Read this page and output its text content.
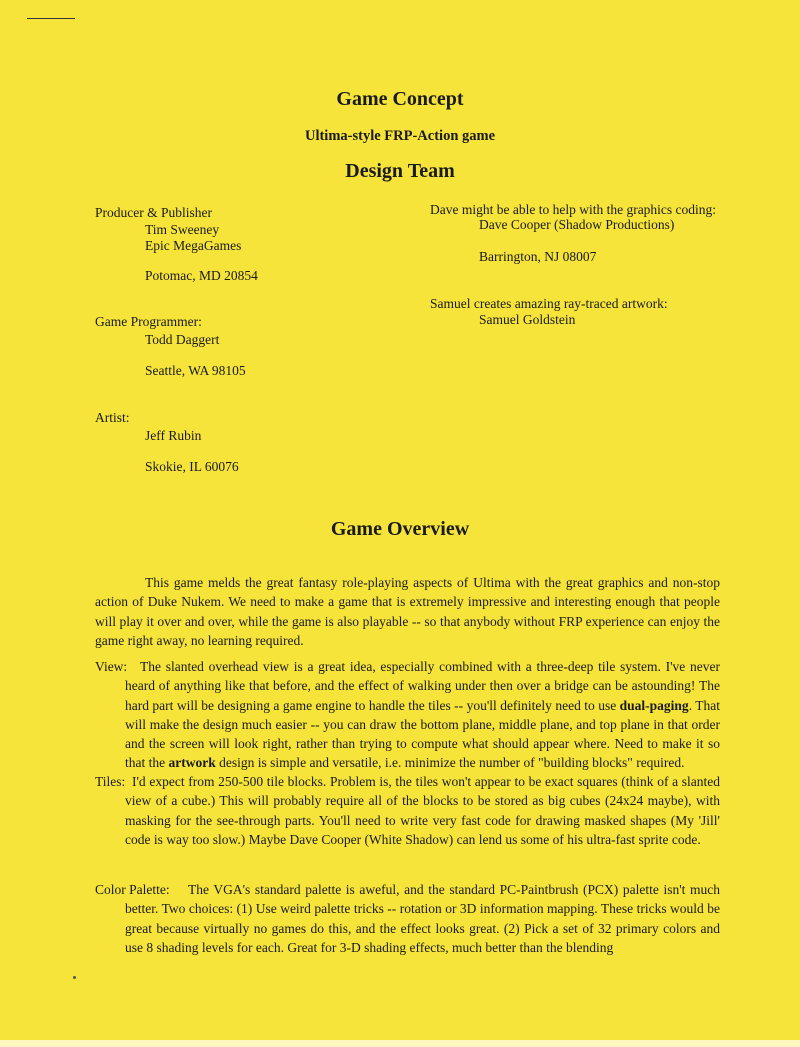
Game Concept
Ultima-style FRP-Action game
Design Team
Producer & Publisher
Tim Sweeney
Epic MegaGames
Potomac, MD 20854
Game Programmer:
Todd Daggert
Seattle, WA 98105
Artist:
Jeff Rubin
Skokie, IL 60076
Dave might be able to help with the graphics coding:
Dave Cooper (Shadow Productions)
Barrington, NJ 08007
Samuel creates amazing ray-traced artwork:
Samuel Goldstein
Game Overview
This game melds the great fantasy role-playing aspects of Ultima with the great graphics and non-stop action of Duke Nukem. We need to make a game that is extremely impressive and interesting enough that people will play it over and over, while the game is also playable -- so that anybody without FRP experience can enjoy the game right away, no learning required.
View: The slanted overhead view is a great idea, especially combined with a three-deep tile system. I've never heard of anything like that before, and the effect of walking under then over a bridge can be astounding! The hard part will be designing a game engine to handle the tiles -- you'll definitely need to use dual-paging. That will make the design much easier -- you can draw the bottom plane, middle plane, and top plane in that order and the screen will look right, rather than trying to compute what should appear where. Need to make it so that the artwork design is simple and versatile, i.e. minimize the number of "building blocks" required.
Tiles: I'd expect from 250-500 tile blocks. Problem is, the tiles won't appear to be exact squares (think of a slanted view of a cube.) This will probably require all of the blocks to be stored as big cubes (24x24 maybe), with masking for the see-through parts. You'll need to write very fast code for drawing masked shapes (My 'Jill' code is way too slow.) Maybe Dave Cooper (White Shadow) can lend us some of his ultra-fast sprite code.
Color Palette:	The VGA's standard palette is aweful, and the standard PC-Paintbrush (PCX) palette isn't much better. Two choices: (1) Use weird palette tricks -- rotation or 3D information mapping. These tricks would be great because virtually no games do this, and the effect looks great. (2) Pick a set of 32 primary colors and use 8 shading levels for each. Great for 3-D shading effects, much better than the blending
